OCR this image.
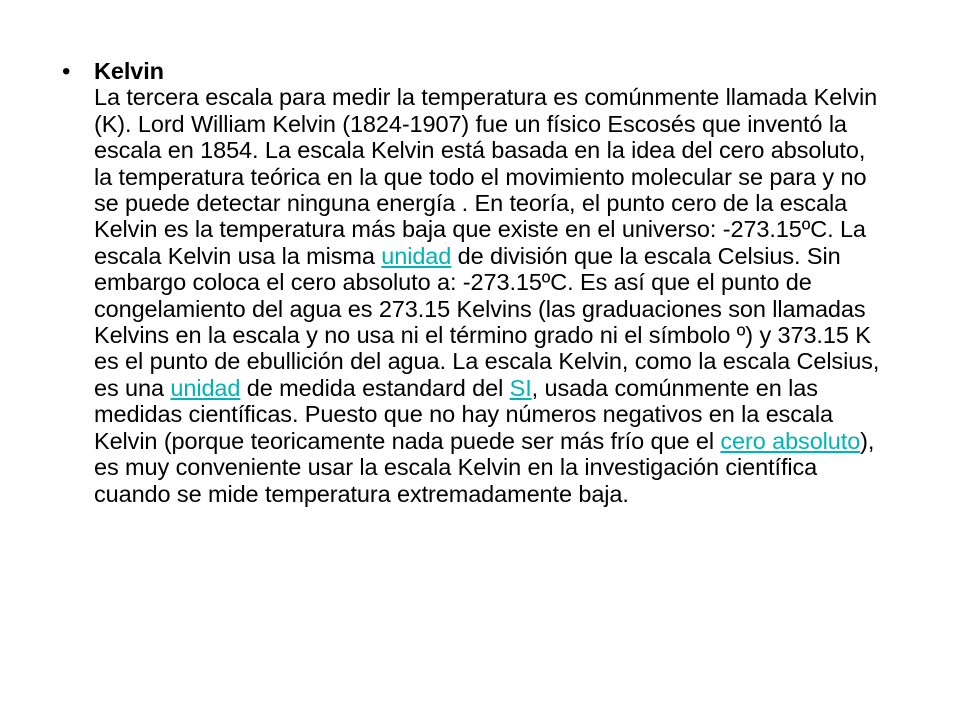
•	Kelvin
La tercera escala para medir la temperatura es comúnmente llamada Kelvin (K). Lord William Kelvin (1824-1907) fue un físico Escosés que inventó la escala en 1854. La escala Kelvin está basada en la idea del cero absoluto, la temperatura teórica en la que todo el movimiento molecular se para y no se puede detectar ninguna energía . En teoría, el punto cero de la escala Kelvin es la temperatura más baja que existe en el universo: -273.15ºC. La escala Kelvin usa la misma unidad de división que la escala Celsius. Sin embargo coloca el cero absoluto a: -273.15ºC. Es así que el punto de congelamiento del agua es 273.15 Kelvins (las graduaciones son llamadas Kelvins en la escala y no usa ni el término grado ni el símbolo º) y 373.15 K es el punto de ebullición del agua. La escala Kelvin, como la escala Celsius, es una unidad de medida estandard del SI, usada comúnmente en las medidas científicas. Puesto que no hay números negativos en la escala Kelvin (porque teoricamente nada puede ser más frío que el cero absoluto), es muy conveniente usar la escala Kelvin en la investigación científica cuando se mide temperatura extremadamente baja.
